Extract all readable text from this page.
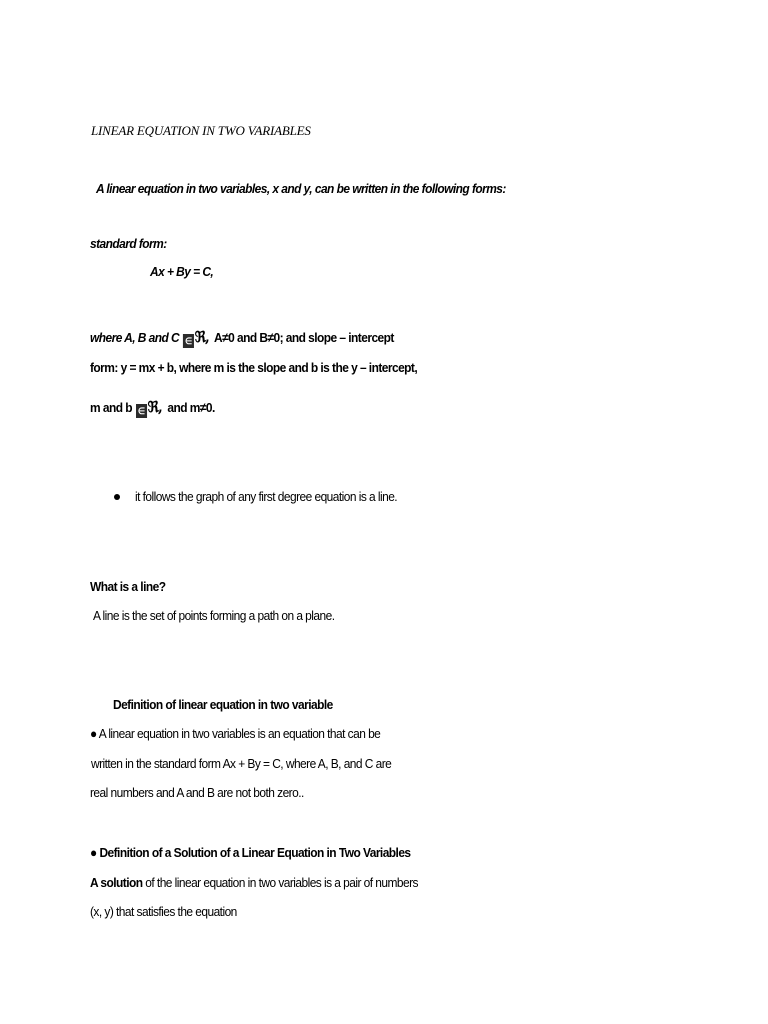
LINEAR EQUATION IN TWO VARIABLES
A linear equation in two variables, x and y, can be written in the following forms:
standard form:
Ax + By = C,
where A, B and C ∈ ℜ, A≠0 and B≠0; and slope – intercept
form: y = mx + b, where m is the slope and b is the y – intercept,
m and b ∈ ℜ, and m≠0.
it follows the graph of any first degree equation is a line.
What is a line?
A line is the set of points forming a path on a plane.
Definition of linear equation in two variable
● A linear equation in two variables is an equation that can be
written in the standard form Ax + By = C, where A, B, and C are
real numbers and A and B are not both zero..
● Definition of a Solution of a Linear Equation in Two Variables
A solution of the linear equation in two variables is a pair of numbers
(x, y) that satisfies the equation
